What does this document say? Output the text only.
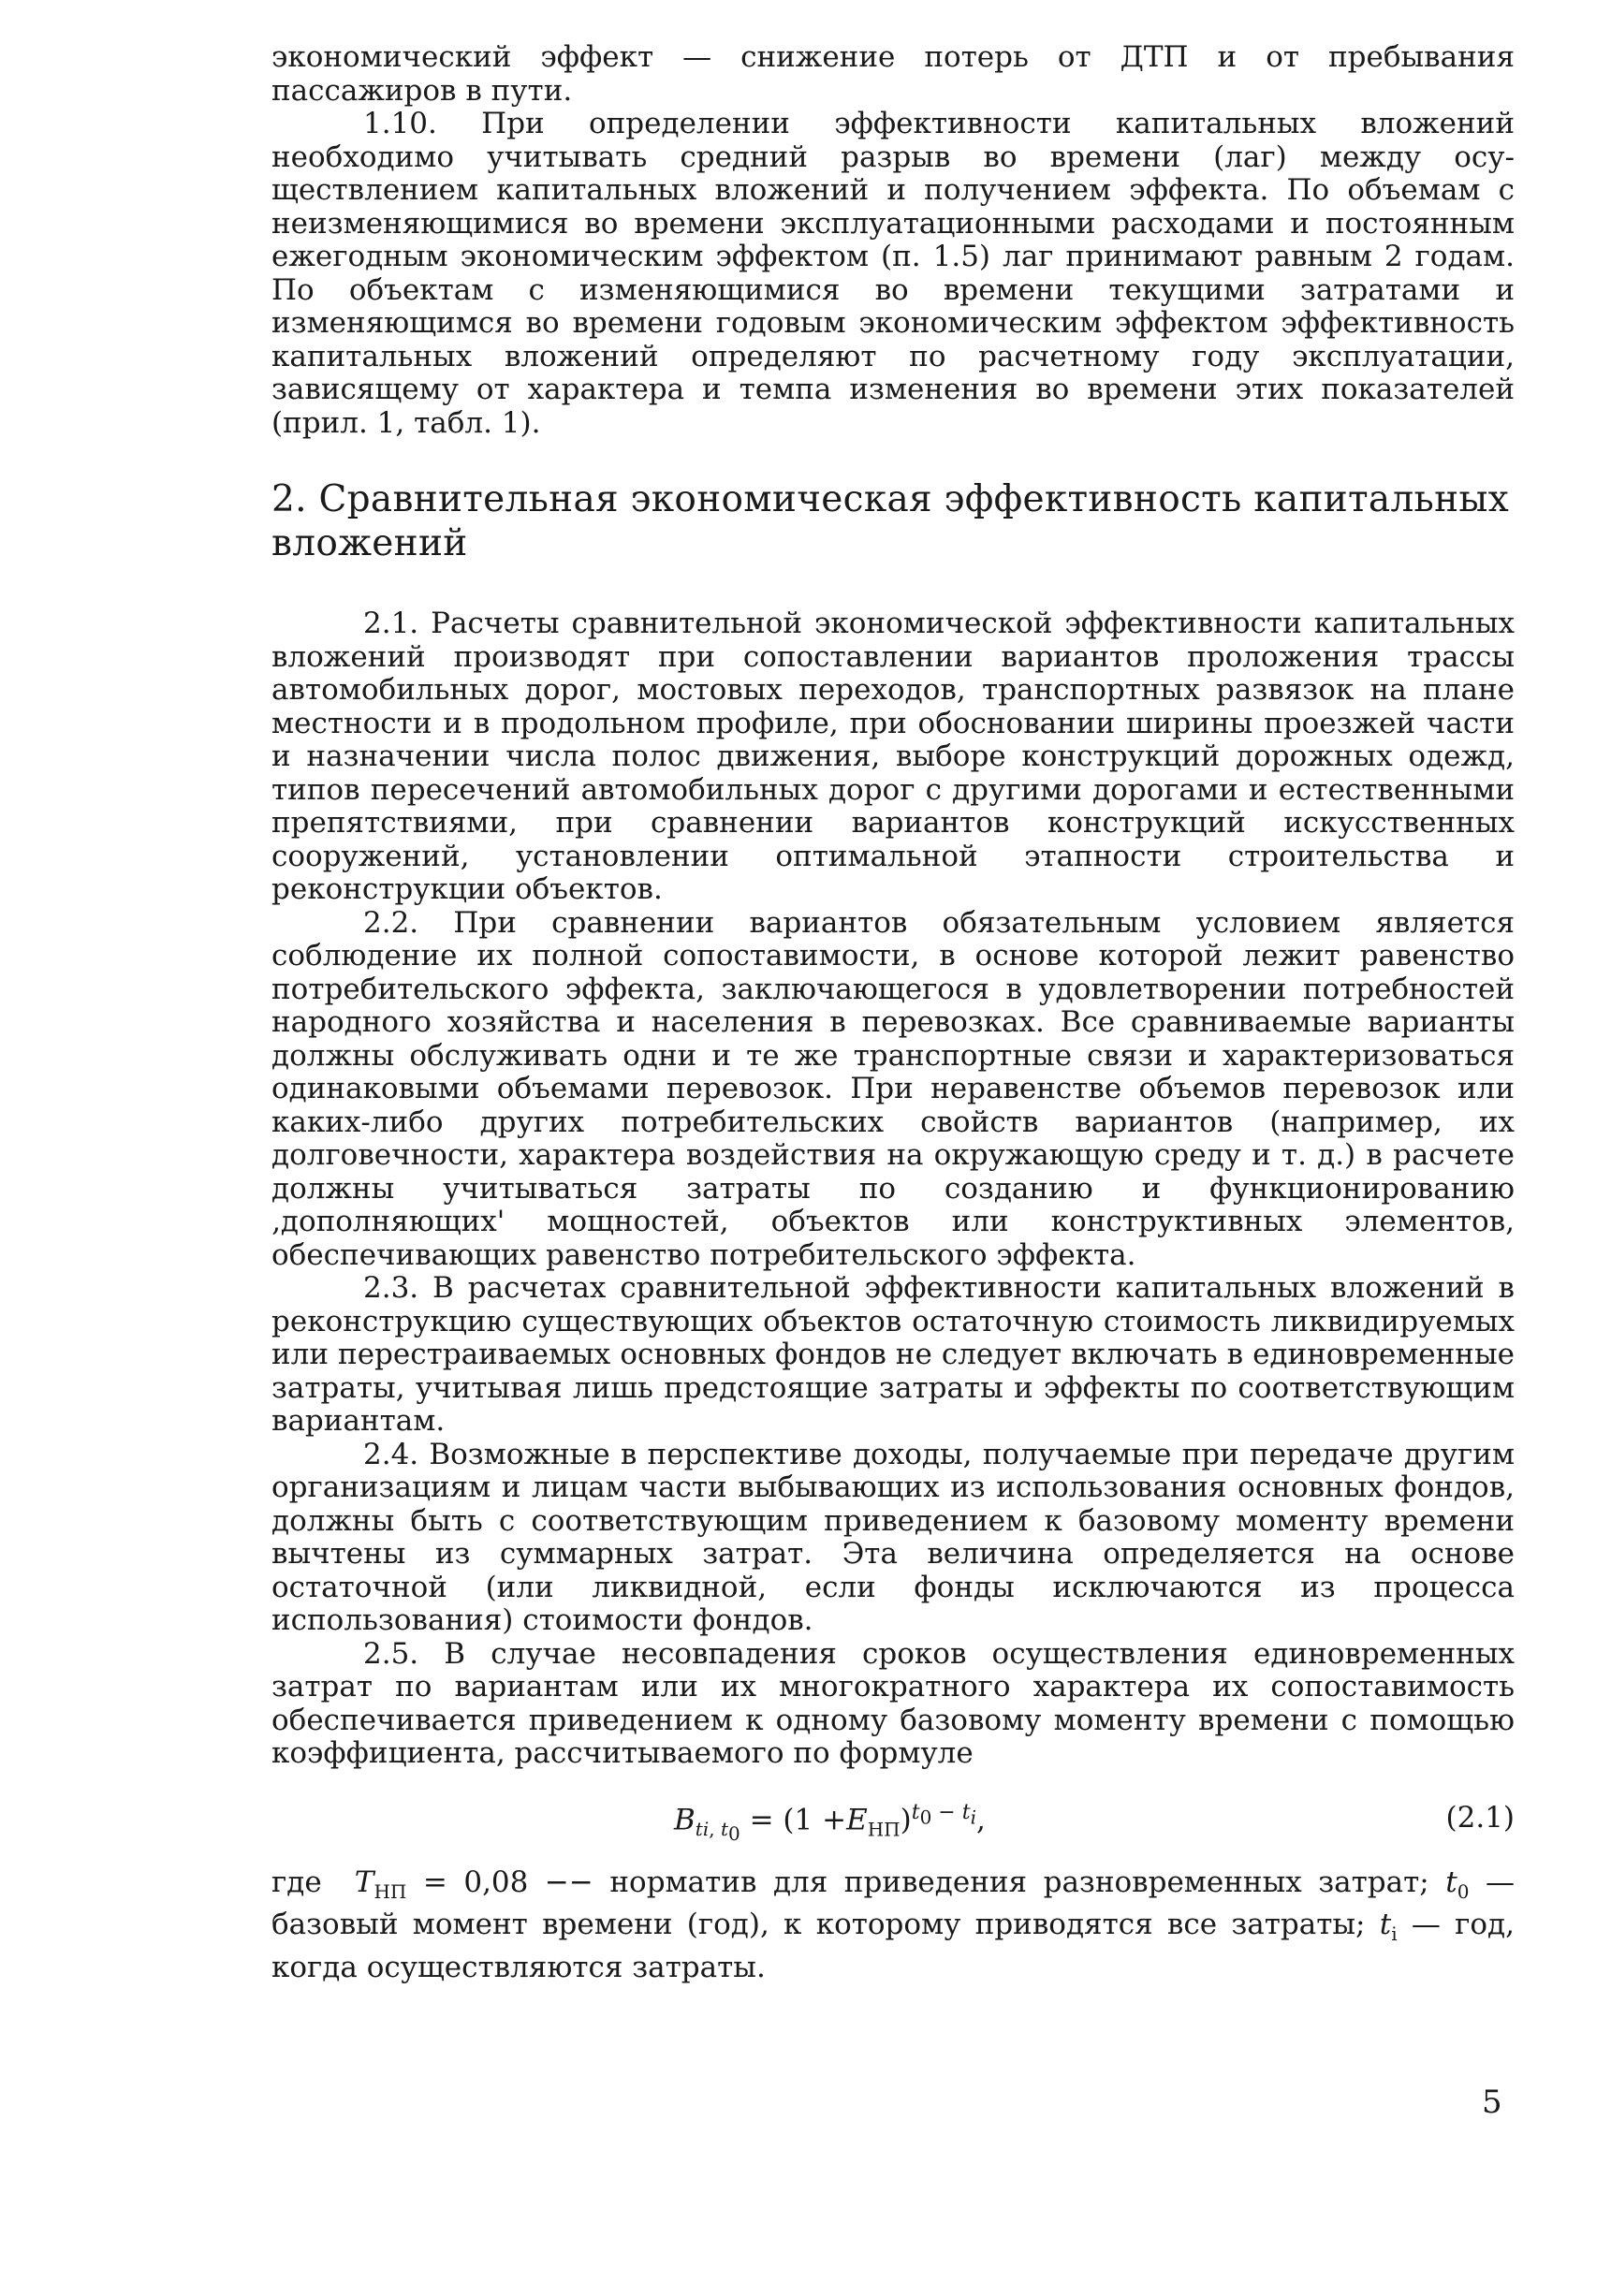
экономический эффект — снижение потерь от ДТП и от пребывания пассажиров в пути.

1.10. При определении эффективности капитальных вложений необходимо учитывать средний разрыв во времени (лаг) между осуществлением капитальных вложений и получением эффекта. По объемам с неизменяющимися во времени эксплуатационными расходами и постоянным ежегодным экономическим эффектом (п. 1.5) лаг принимают равным 2 годам. По объектам с изменяющимися во времени текущими затратами и изменяющимся во времени годовым экономическим эффектом эффективность капитальных вложений определяют по расчетному году эксплуатации, зависящему от характера и темпа изменения во времени этих показателей (прил. 1, табл. 1).

2. Сравнительная экономическая эффективность капитальных вложений

2.1. Расчеты сравнительной экономической эффективности капитальных вложений производят при сопоставлении вариантов проложения трассы автомобильных дорог, мостовых переходов, транспортных развязок на плане местности и в продольном профиле, при обосновании ширины проезжей части и назначении числа полос движения, выборе конструкций дорожных одежд, типов пересечений автомобильных дорог с другими дорогами и естественными препятствиями, при сравнении вариантов конструкций искусственных сооружений, установлении оптимальной этапности строительства и реконструкции объектов.

2.2. При сравнении вариантов обязательным условием является соблюдение их полной сопоставимости, в основе которой лежит равенство потребительского эффекта, заключающегося в удовлетворении потребностей народного хозяйства и населения в перевозках. Все сравниваемые варианты должны обслуживать одни и те же транспортные связи и характеризоваться одинаковыми объемами перевозок. При неравенстве объемов перевозок или каких-либо других потребительских свойств вариантов (например, их долговечности, характера воздействия на окружающую среду и т. д.) в расчете должны учитываться затраты по созданию и функционированию ‚дополняющих' мощностей, объектов или конструктивных элементов, обеспечивающих равенство потребительского эффекта.

2.3. В расчетах сравнительной эффективности капитальных вложений в реконструкцию существующих объектов остаточную стоимость ликвидируемых или перестраиваемых основных фондов не следует включать в единовременные затраты, учитывая лишь предстоящие затраты и эффекты по соответствующим вариантам.

2.4. Возможные в перспективе доходы, получаемые при передаче другим организациям и лицам части выбывающих из использования основных фондов, должны быть с соответствующим приведением к базовому моменту времени вычтены из суммарных затрат. Эта величина определяется на основе остаточной (или ликвидной, если фонды исключаются из процесса использования) стоимости фондов.

2.5. В случае несовпадения сроков осуществления единовременных затрат по вариантам или их многократного характера их сопоставимость обеспечивается приведением к одному базовому моменту времени с помощью коэффициента, рассчитываемого по формуле

$B_{ti, t_0} = (1 +E_{НП})^{t_0 - t_i}$,	(2.1)

где $T_{НП} = 0,08$ −− норматив для приведения разновременных затрат; $t_0$ — базовый момент времени (год), к которому приводятся все затраты; $t_i$ — год, когда осуществляются затраты.

5
